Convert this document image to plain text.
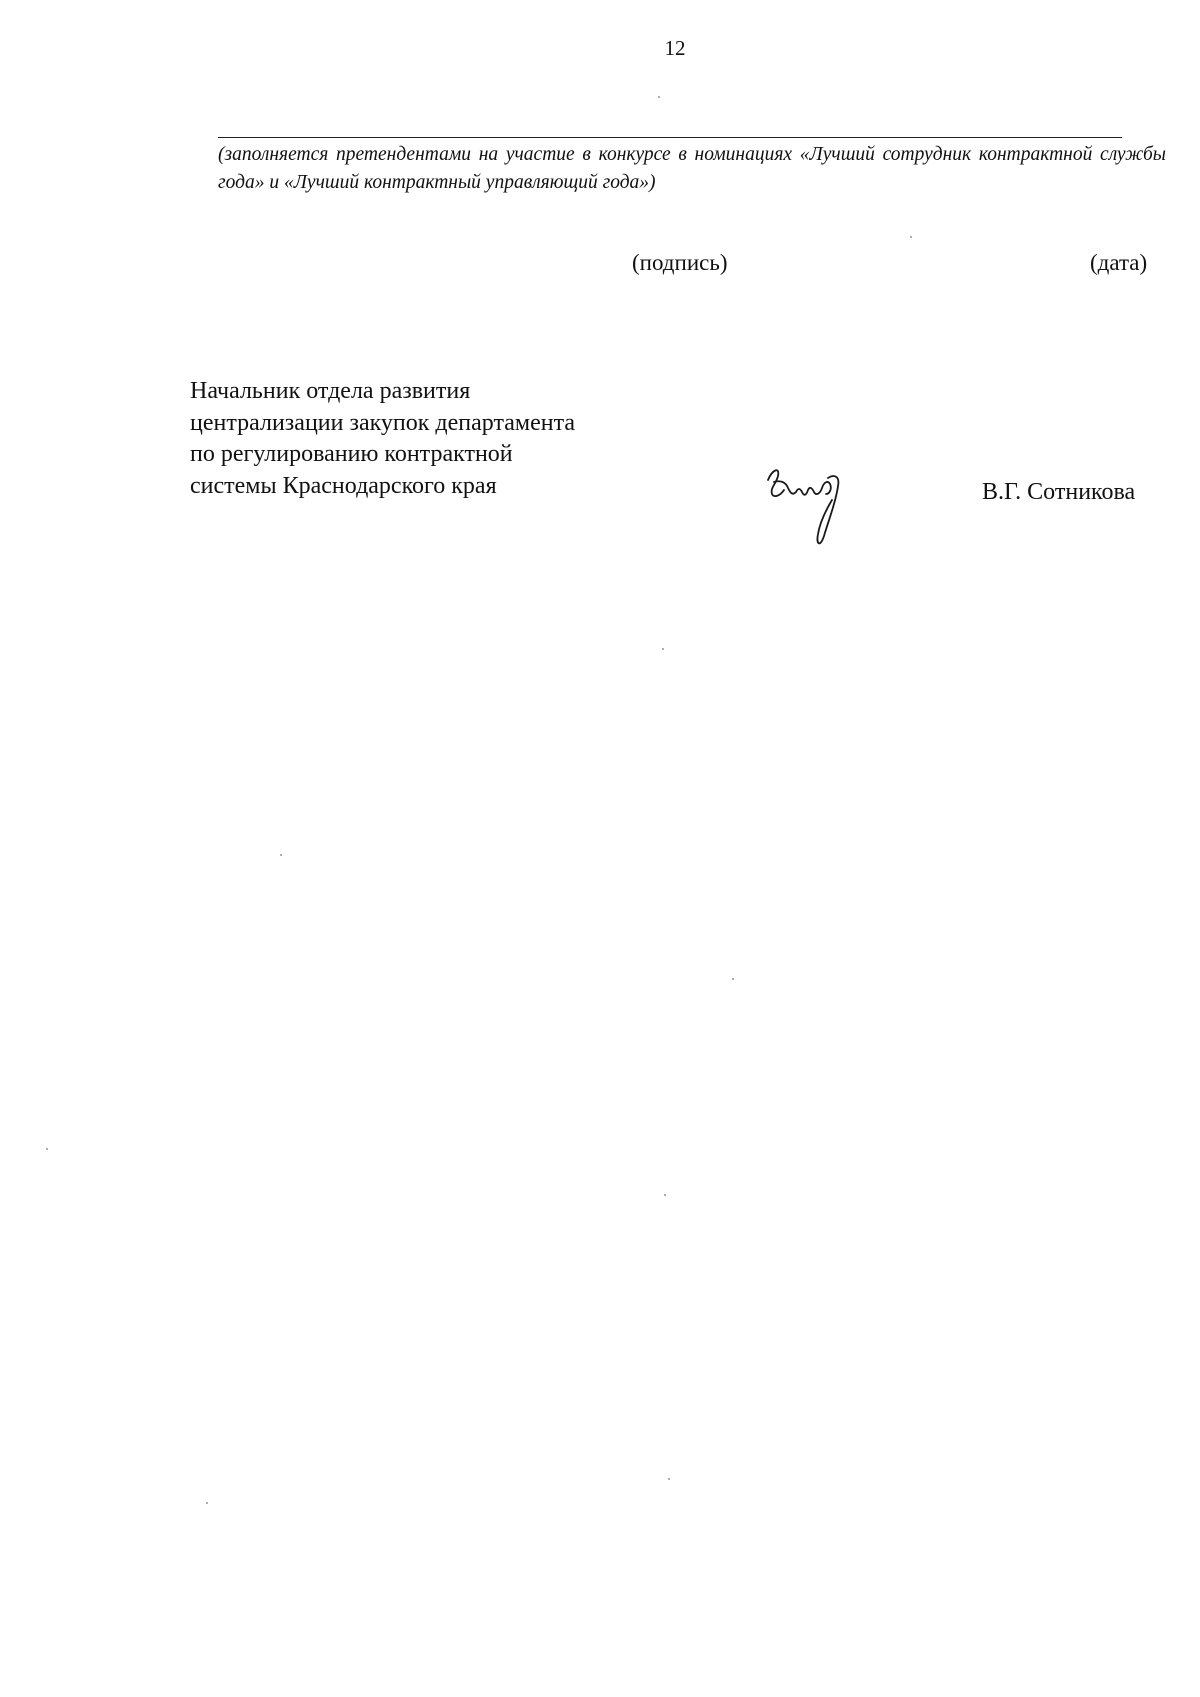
12
(заполняется претендентами на участие в конкурсе в номинациях «Лучший сотрудник контрактной службы года» и «Лучший контрактный управляющий года»)
(подпись)	(дата)
Начальник отдела развития
централизации закупок департамента
по регулированию контрактной
системы Краснодарского края	В.Г. Сотникова
